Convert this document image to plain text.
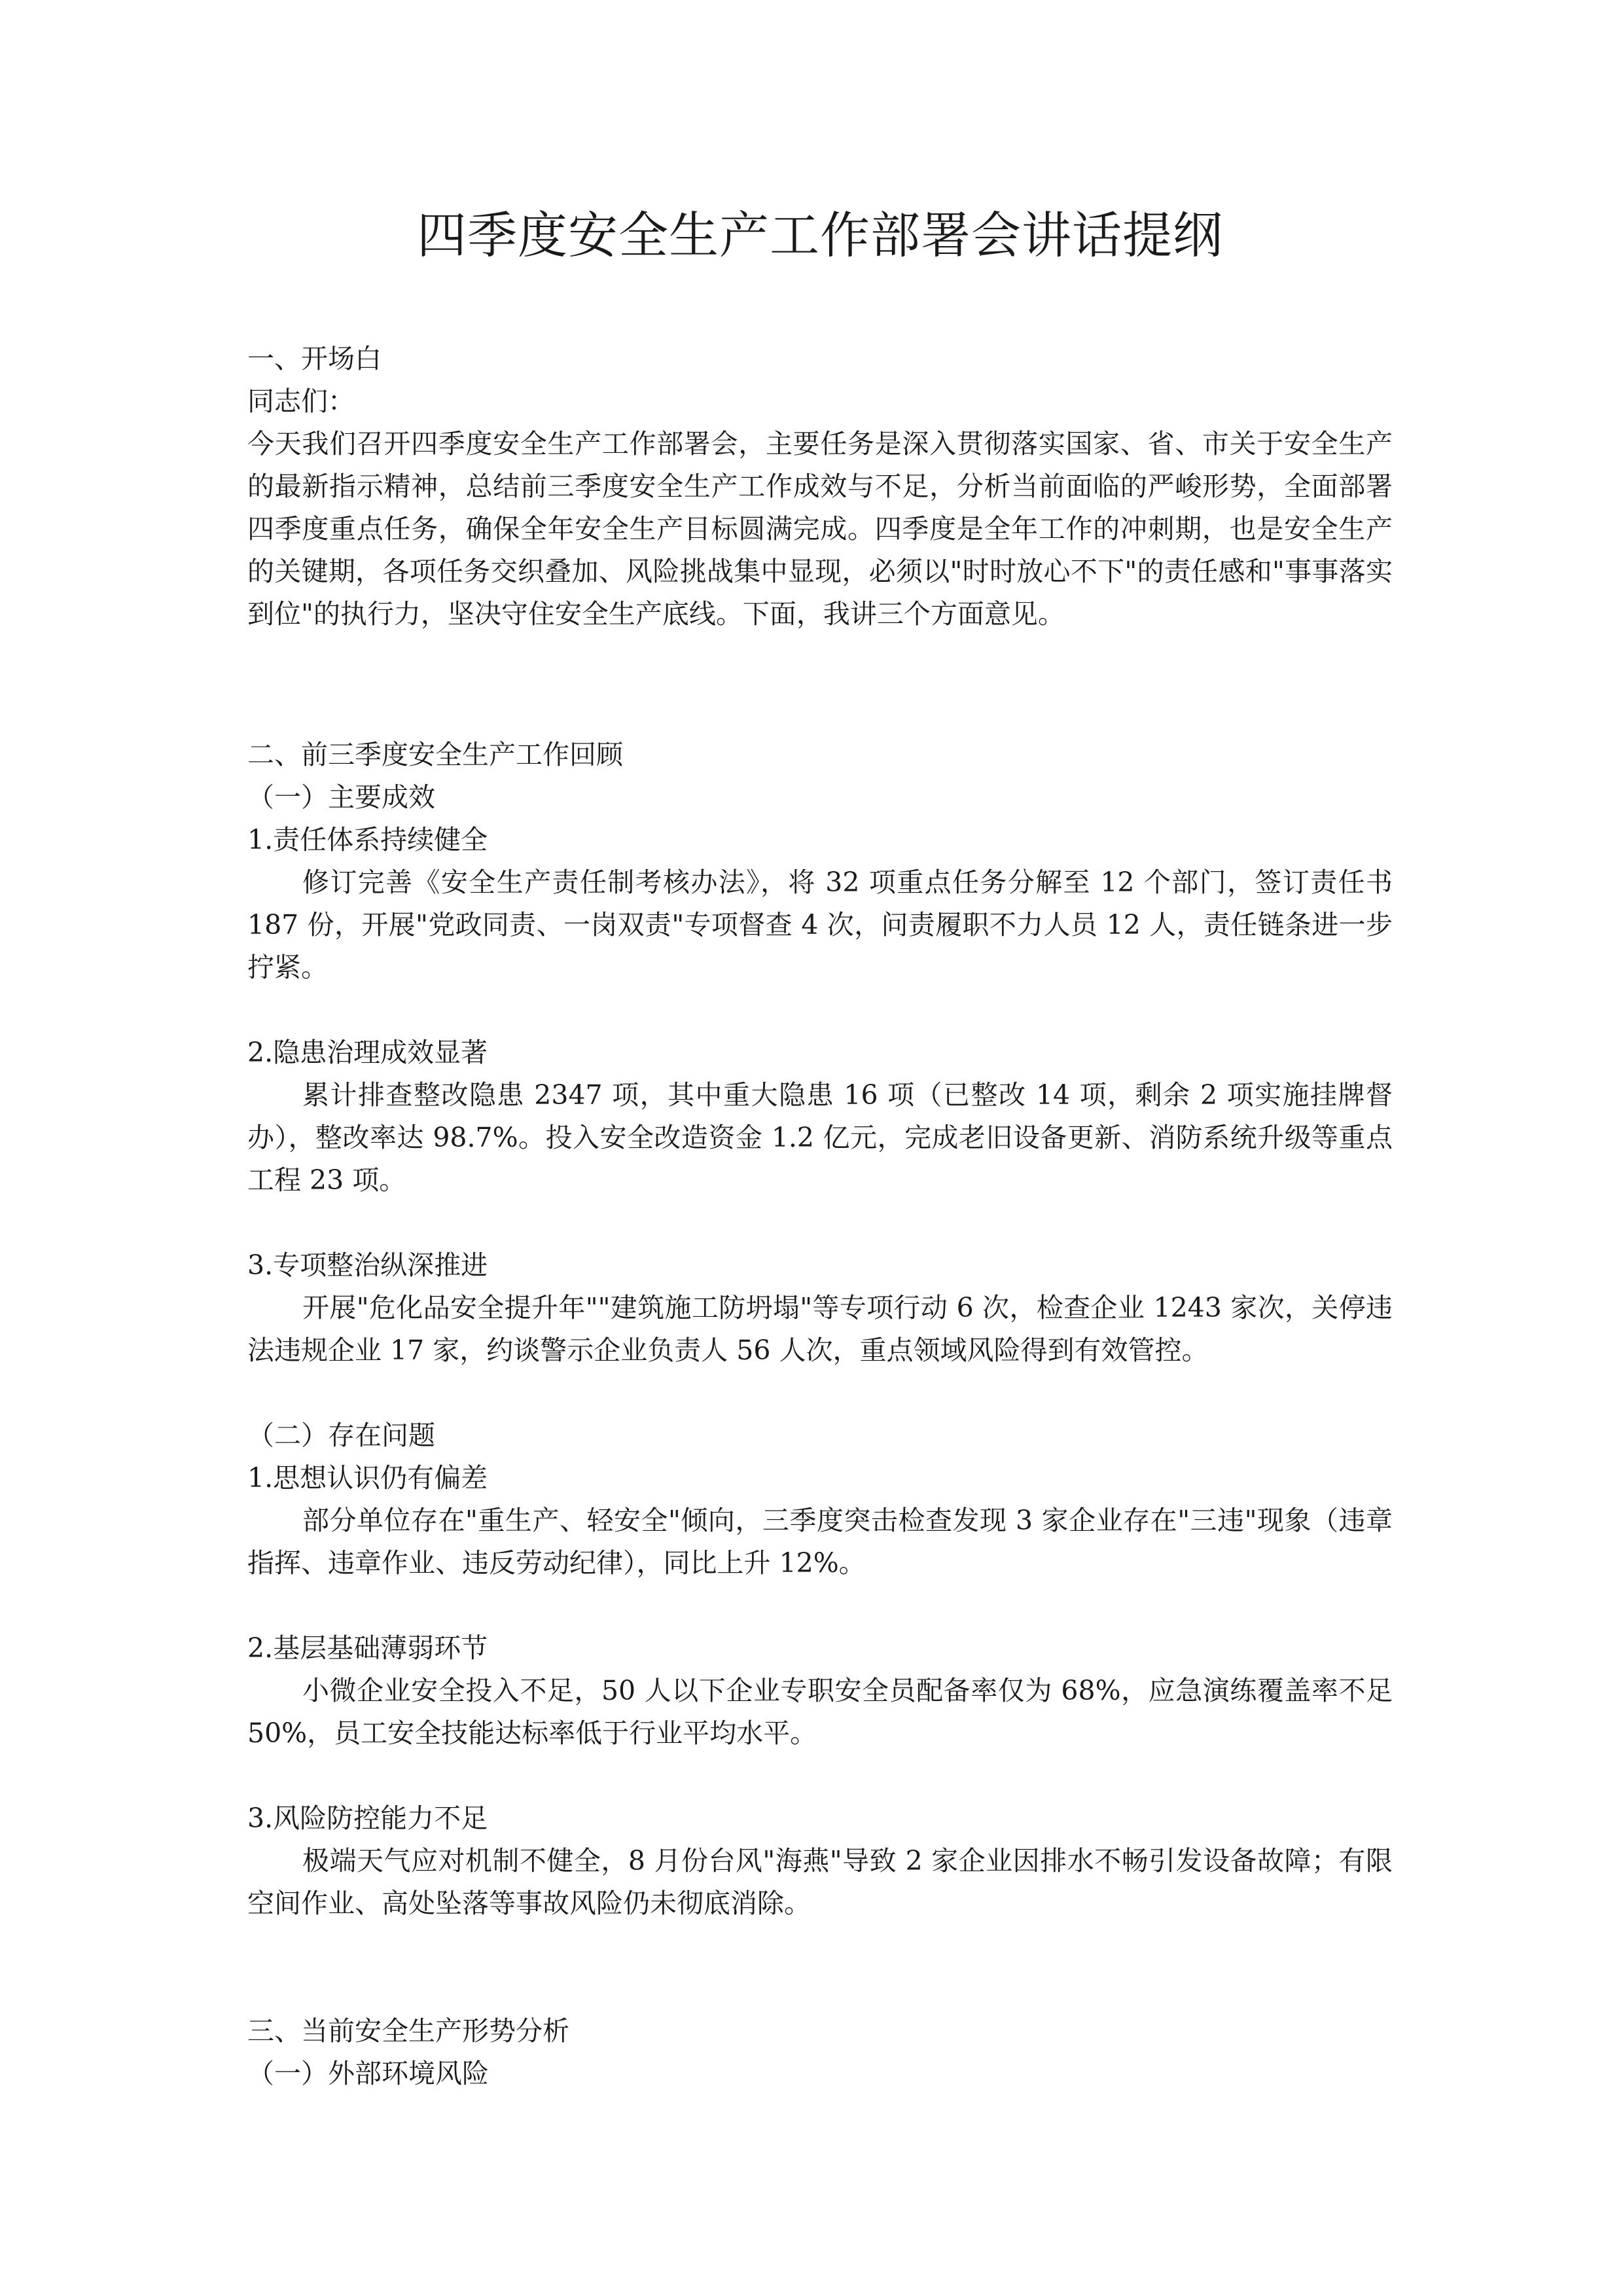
四季度安全生产工作部署会讲话提纲

一、开场白

同志们：

今天我们召开四季度安全生产工作部署会，主要任务是深入贯彻落实国家、省、市关于安全生产的最新指示精神，总结前三季度安全生产工作成效与不足，分析当前面临的严峻形势，全面部署四季度重点任务，确保全年安全生产目标圆满完成。四季度是全年工作的冲刺期，也是安全生产的关键期，各项任务交织叠加、风险挑战集中显现，必须以"时时放心不下"的责任感和"事事落实到位"的执行力，坚决守住安全生产底线。下面，我讲三个方面意见。

二、前三季度安全生产工作回顾

（一）主要成效

1.责任体系持续健全

修订完善《安全生产责任制考核办法》，将 32 项重点任务分解至 12 个部门，签订责任书 187 份，开展"党政同责、一岗双责"专项督查 4 次，问责履职不力人员 12 人，责任链条进一步拧紧。

2.隐患治理成效显著

累计排查整改隐患 2347 项，其中重大隐患 16 项（已整改 14 项，剩余 2 项实施挂牌督办），整改率达 98.7%。投入安全改造资金 1.2 亿元，完成老旧设备更新、消防系统升级等重点工程 23 项。

3.专项整治纵深推进

开展"危化品安全提升年""建筑施工防坍塌"等专项行动 6 次，检查企业 1243 家次，关停违法违规企业 17 家，约谈警示企业负责人 56 人次，重点领域风险得到有效管控。

（二）存在问题

1.思想认识仍有偏差

部分单位存在"重生产、轻安全"倾向，三季度突击检查发现 3 家企业存在"三违"现象（违章指挥、违章作业、违反劳动纪律），同比上升 12%。

2.基层基础薄弱环节

小微企业安全投入不足，50 人以下企业专职安全员配备率仅为 68%，应急演练覆盖率不足 50%，员工安全技能达标率低于行业平均水平。

3.风险防控能力不足

极端天气应对机制不健全，8 月份台风"海燕"导致 2 家企业因排水不畅引发设备故障；有限空间作业、高处坠落等事故风险仍未彻底消除。

三、当前安全生产形势分析

（一）外部环境风险
